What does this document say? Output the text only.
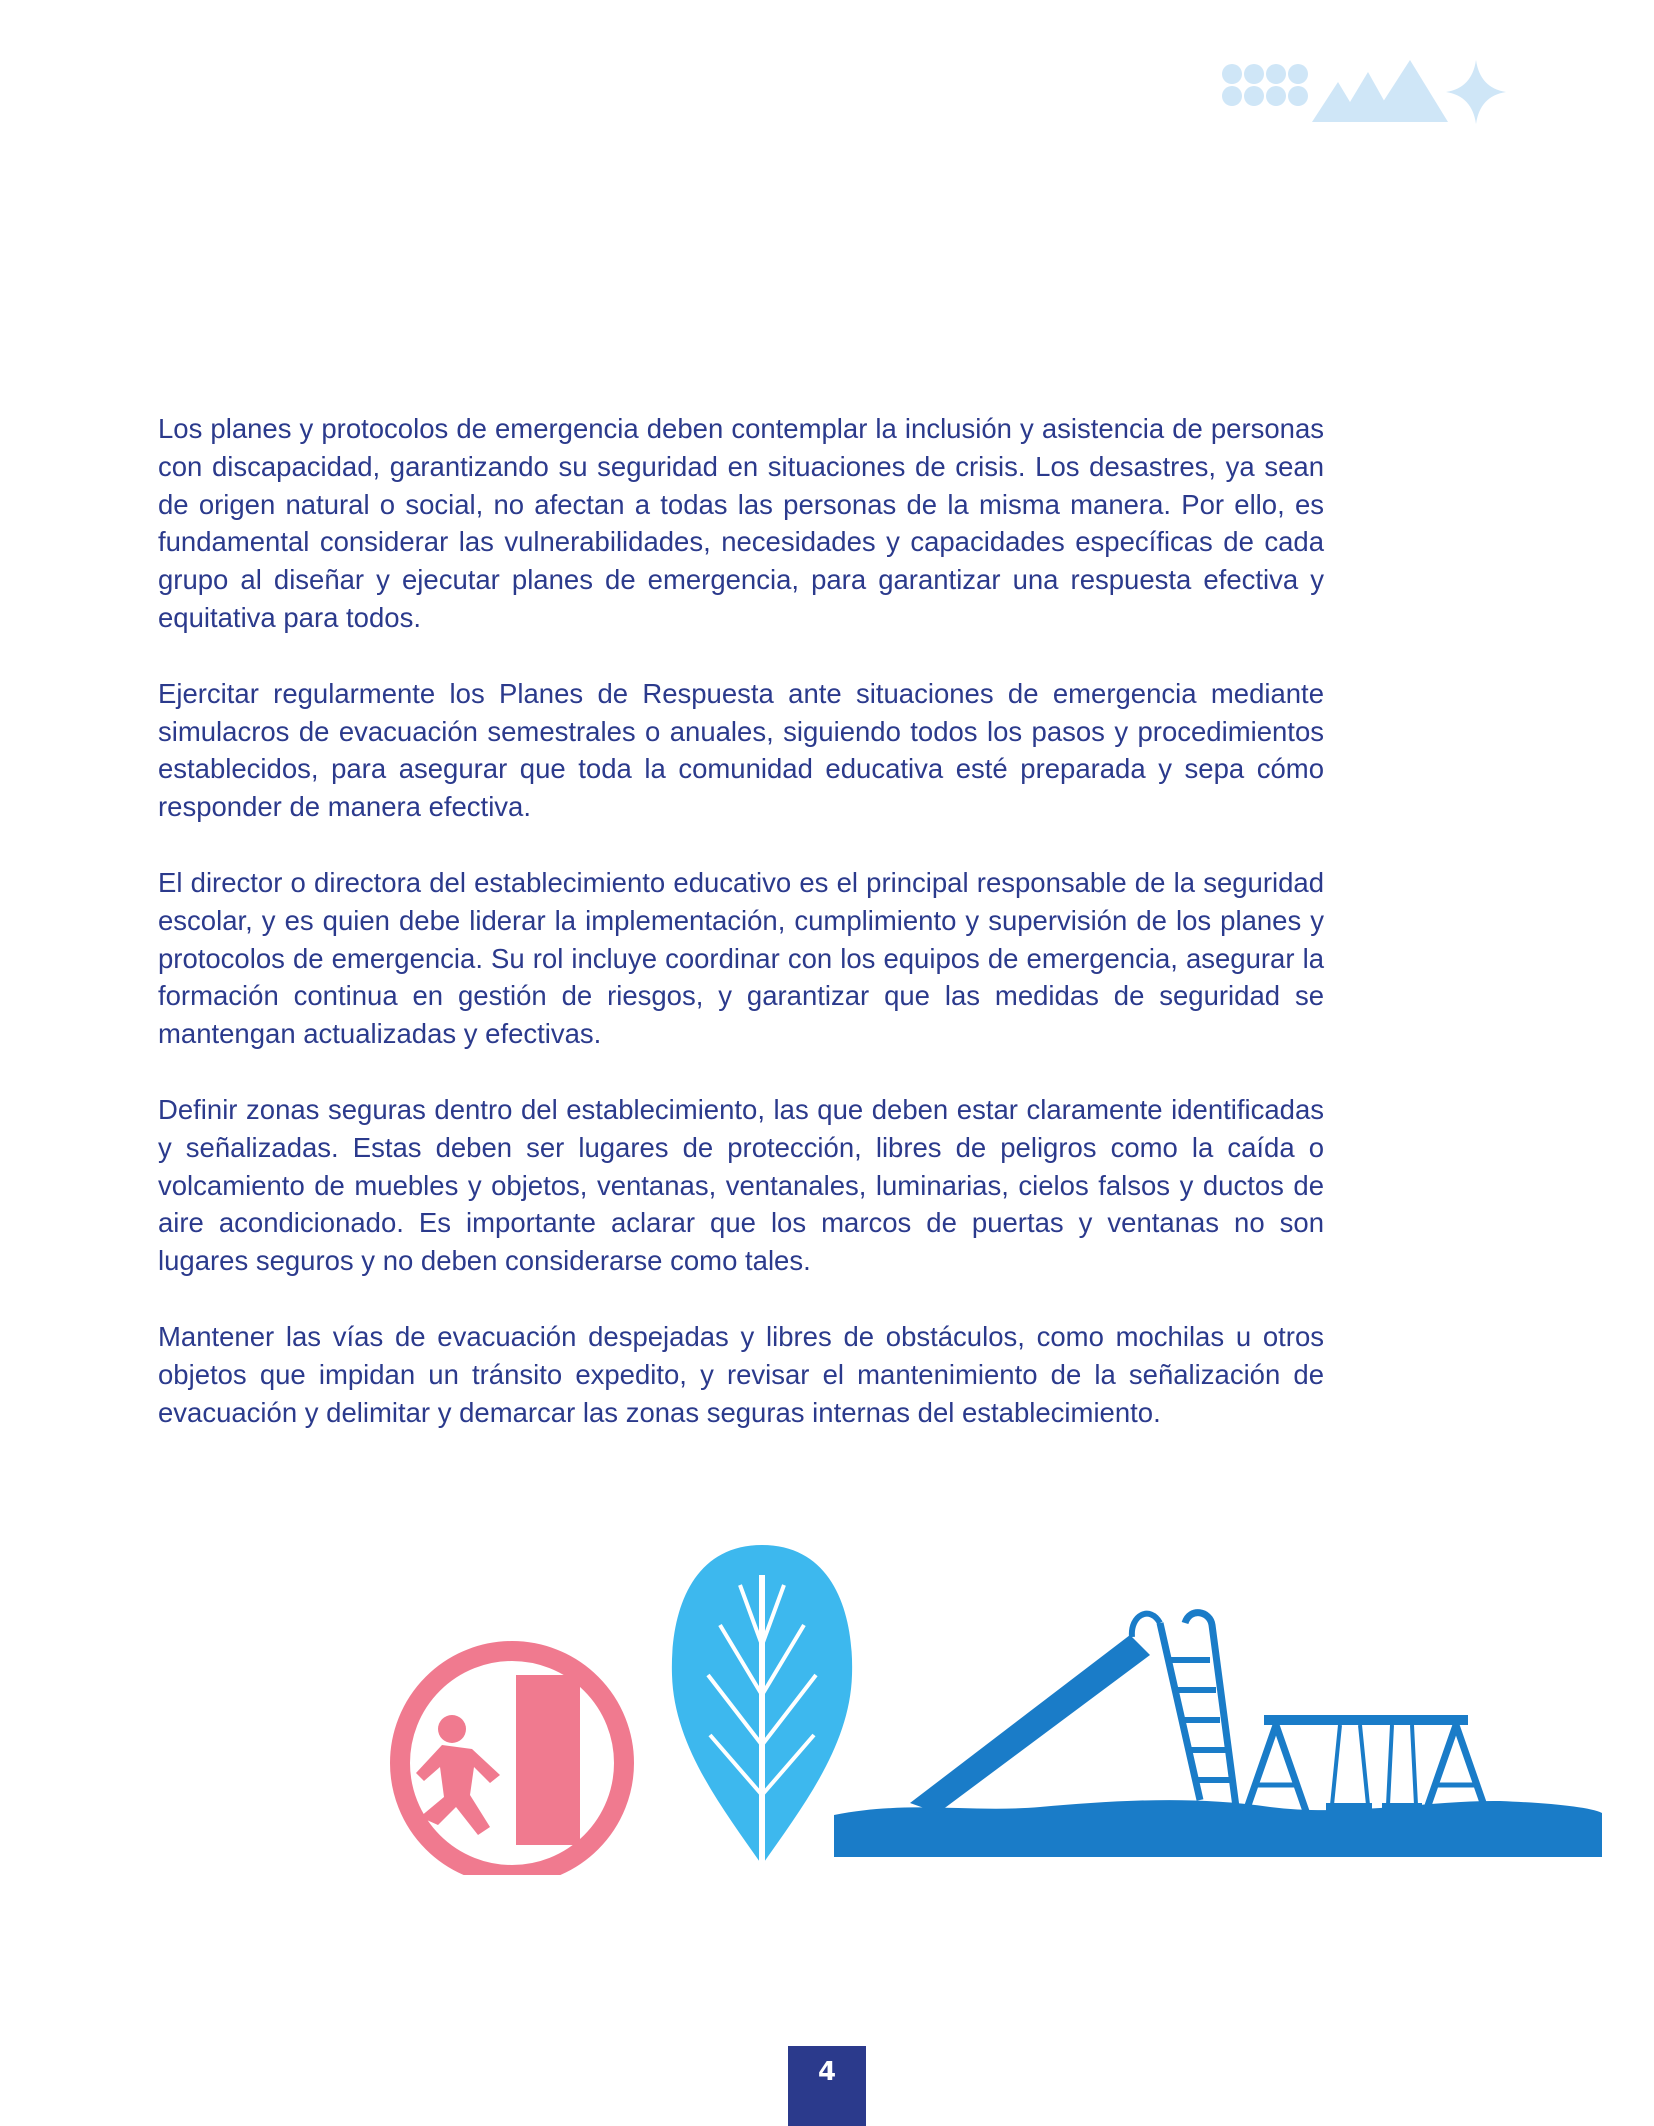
Los planes y protocolos de emergencia deben contemplar la inclusión y asistencia de personas con discapacidad, garantizando su seguridad en situaciones de crisis. Los desastres, ya sean de origen natural o social, no afectan a todas las personas de la misma manera. Por ello, es fundamental considerar las vulnerabilidades, necesidades y capacidades específicas de cada grupo al diseñar y ejecutar planes de emergencia, para garantizar una respuesta efectiva y equitativa para todos.

Ejercitar regularmente los Planes de Respuesta ante situaciones de emergencia mediante simulacros de evacuación semestrales o anuales, siguiendo todos los pasos y procedimientos establecidos, para asegurar que toda la comunidad educativa esté preparada y sepa cómo responder de manera efectiva.

El director o directora del establecimiento educativo es el principal responsable de la seguridad escolar, y es quien debe liderar la implementación, cumplimiento y supervisión de los planes y protocolos de emergencia. Su rol incluye coordinar con los equipos de emergencia, asegurar la formación continua en gestión de riesgos, y garantizar que las medidas de seguridad se mantengan actualizadas y efectivas.

Definir zonas seguras dentro del establecimiento, las que deben estar claramente identificadas y señalizadas. Estas deben ser lugares de protección, libres de peligros como la caída o volcamiento de muebles y objetos, ventanas, ventanales, luminarias, cielos falsos y ductos de aire acondicionado. Es importante aclarar que los marcos de puertas y ventanas no son lugares seguros y no deben considerarse como tales.

Mantener las vías de evacuación despejadas y libres de obstáculos, como mochilas u otros objetos que impidan un tránsito expedito, y revisar el mantenimiento de la señalización de evacuación y delimitar y demarcar las zonas seguras internas del establecimiento.

4
